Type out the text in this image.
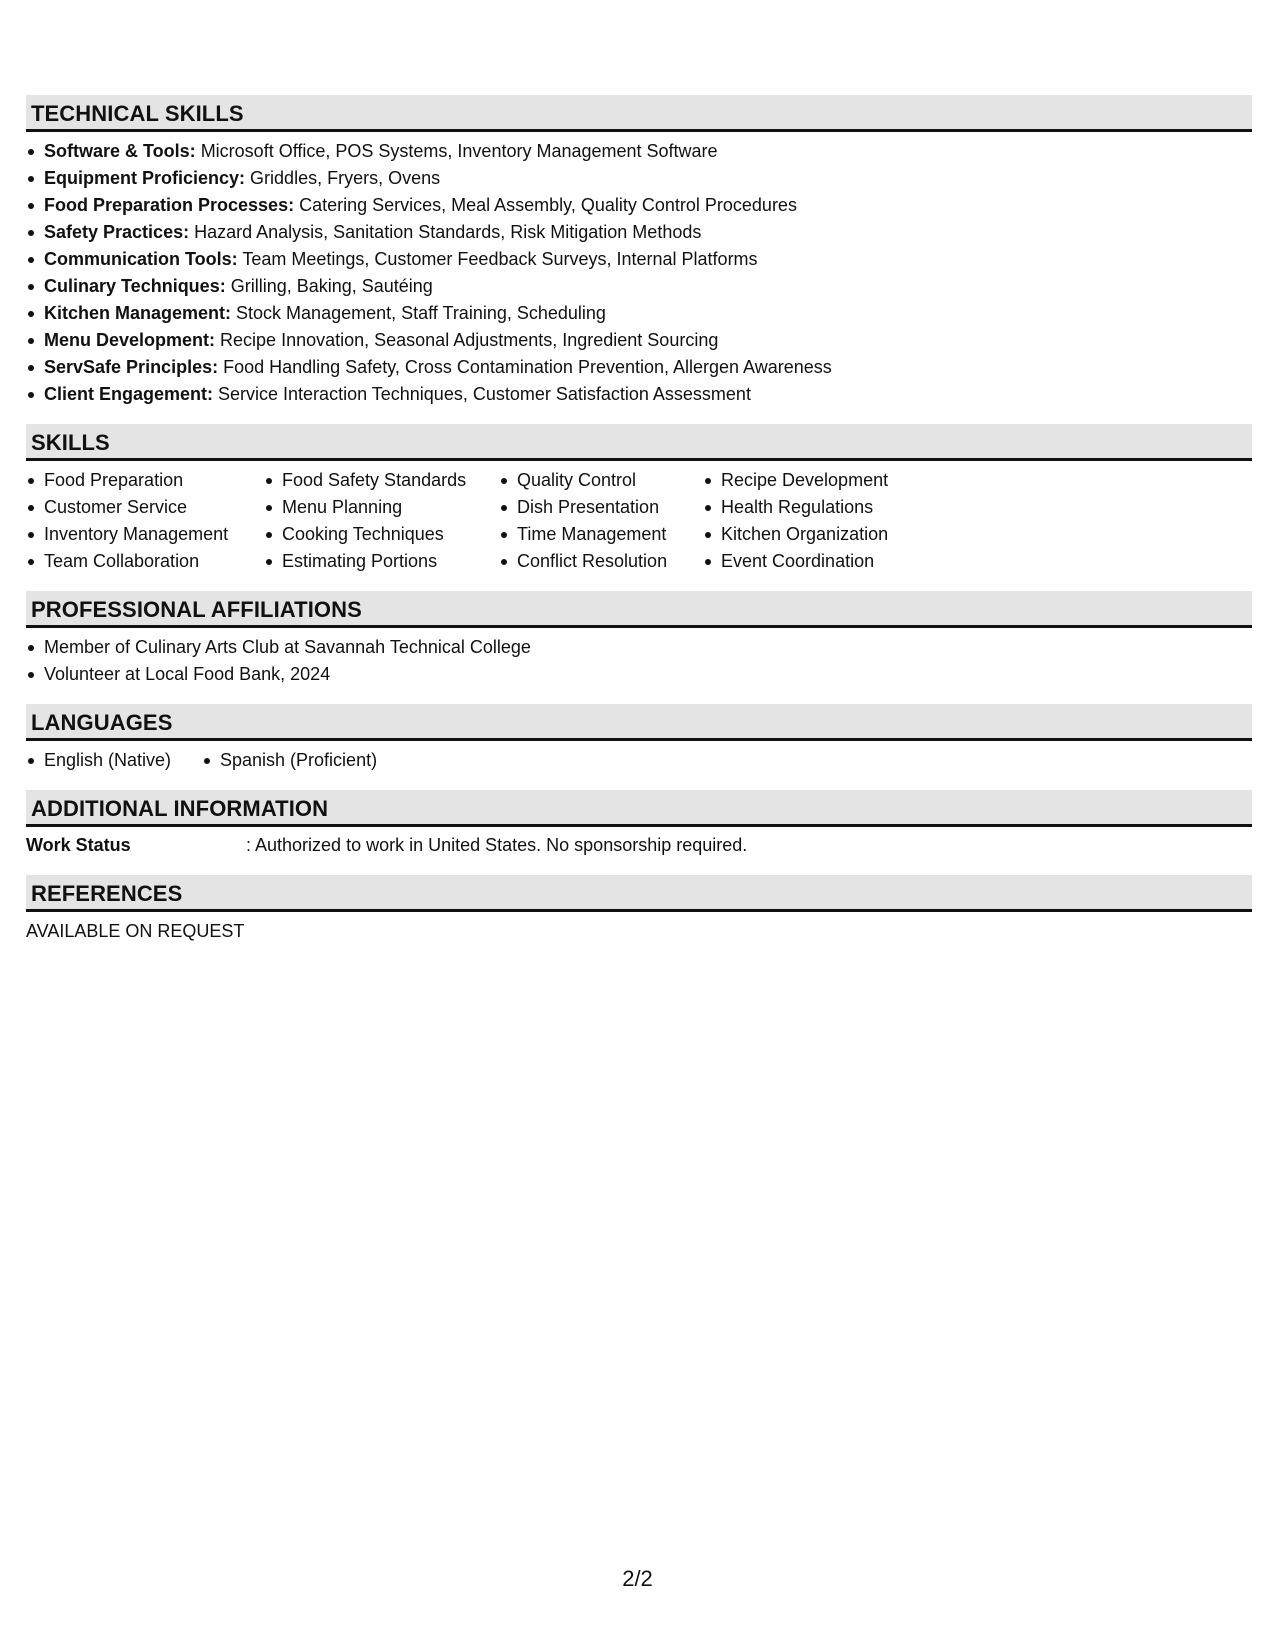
TECHNICAL SKILLS
Software & Tools: Microsoft Office, POS Systems, Inventory Management Software
Equipment Proficiency: Griddles, Fryers, Ovens
Food Preparation Processes: Catering Services, Meal Assembly, Quality Control Procedures
Safety Practices: Hazard Analysis, Sanitation Standards, Risk Mitigation Methods
Communication Tools: Team Meetings, Customer Feedback Surveys, Internal Platforms
Culinary Techniques: Grilling, Baking, Sautéing
Kitchen Management: Stock Management, Staff Training, Scheduling
Menu Development: Recipe Innovation, Seasonal Adjustments, Ingredient Sourcing
ServSafe Principles: Food Handling Safety, Cross Contamination Prevention, Allergen Awareness
Client Engagement: Service Interaction Techniques, Customer Satisfaction Assessment
SKILLS
Food Preparation
Customer Service
Inventory Management
Team Collaboration
Food Safety Standards
Menu Planning
Cooking Techniques
Estimating Portions
Quality Control
Dish Presentation
Time Management
Conflict Resolution
Recipe Development
Health Regulations
Kitchen Organization
Event Coordination
PROFESSIONAL AFFILIATIONS
Member of Culinary Arts Club at Savannah Technical College
Volunteer at Local Food Bank, 2024
LANGUAGES
English (Native)	Spanish (Proficient)
ADDITIONAL INFORMATION
Work Status	: Authorized to work in United States. No sponsorship required.
REFERENCES
AVAILABLE ON REQUEST
2/2
